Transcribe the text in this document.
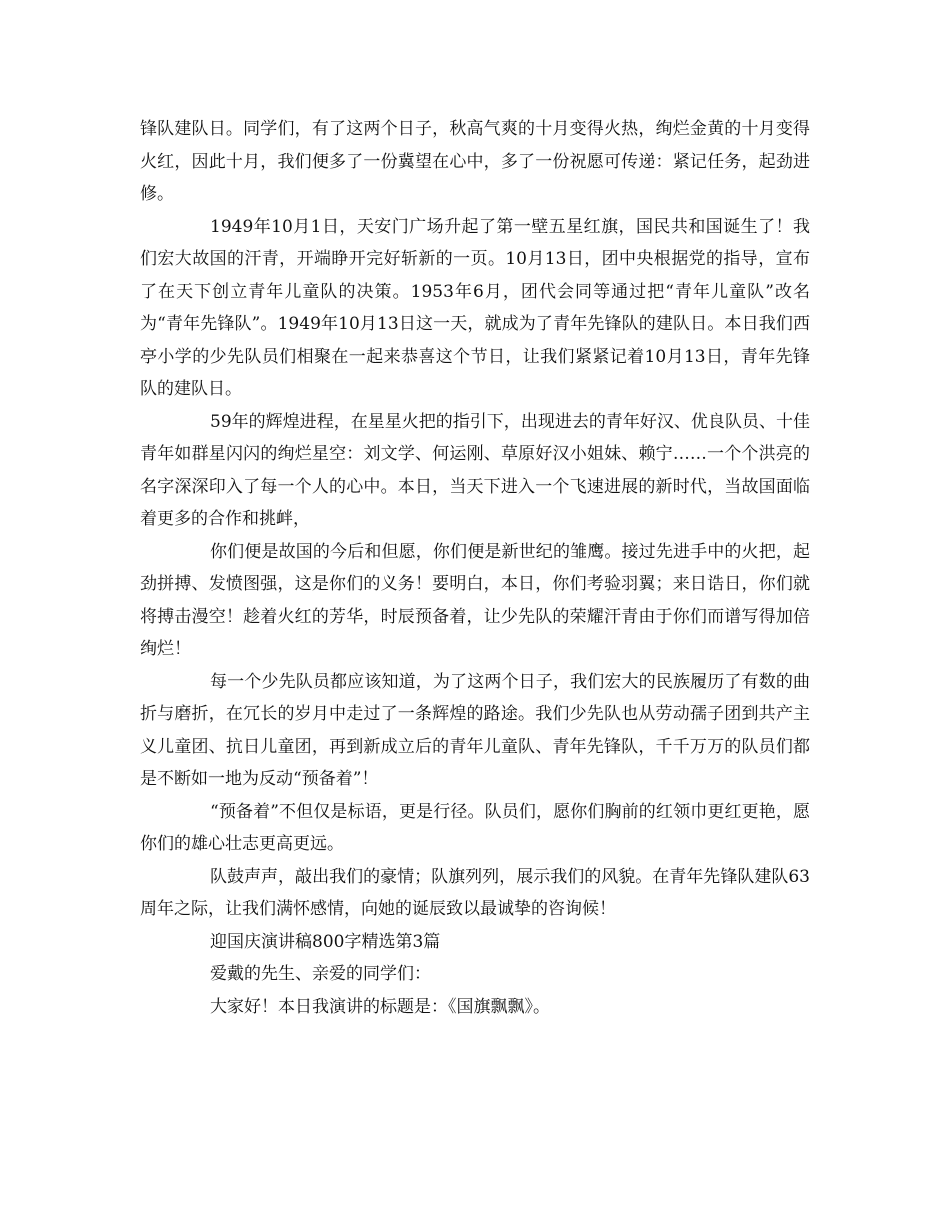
锋队建队日。同学们，有了这两个日子，秋高气爽的十月变得火热，绚烂金黄的十月变得火红，因此十月，我们便多了一份冀望在心中，多了一份祝愿可传递：紧记任务，起劲进修。

1949年10月1日，天安门广场升起了第一壁五星红旗，国民共和国诞生了！我们宏大故国的汗青，开端睁开完好斩新的一页。10月13日，团中央根据党的指导，宣布了在天下创立青年儿童队的决策。1953年6月，团代会同等通过把“青年儿童队”改名为“青年先锋队”。1949年10月13日这一天，就成为了青年先锋队的建队日。本日我们西亭小学的少先队员们相聚在一起来恭喜这个节日，让我们紧紧记着10月13日，青年先锋队的建队日。

59年的辉煌进程，在星星火把的指引下，出现进去的青年好汉、优良队员、十佳青年如群星闪闪的绚烂星空：刘文学、何运刚、草原好汉小姐妹、赖宁……一个个洪亮的名字深深印入了每一个人的心中。本日，当天下进入一个飞速进展的新时代，当故国面临着更多的合作和挑衅，

你们便是故国的今后和但愿，你们便是新世纪的雏鹰。接过先进手中的火把，起劲拼搏、发愤图强，这是你们的义务！要明白，本日，你们考验羽翼；来日诰日，你们就将搏击漫空！趁着火红的芳华，时辰预备着，让少先队的荣耀汗青由于你们而谱写得加倍绚烂！

每一个少先队员都应该知道，为了这两个日子，我们宏大的民族履历了有数的曲折与磨折，在冗长的岁月中走过了一条辉煌的路途。我们少先队也从劳动孺子团到共产主义儿童团、抗日儿童团，再到新成立后的青年儿童队、青年先锋队，千千万万的队员们都是不断如一地为反动“预备着”！

“预备着”不但仅是标语，更是行径。队员们，愿你们胸前的红领巾更红更艳，愿你们的雄心壮志更高更远。

队鼓声声，敲出我们的豪情；队旗列列，展示我们的风貌。在青年先锋队建队63周年之际，让我们满怀感情，向她的诞辰致以最诚挚的咨询候！

迎国庆演讲稿800字精选第3篇

爱戴的先生、亲爱的同学们：

大家好！本日我演讲的标题是：《国旗飘飘》。
